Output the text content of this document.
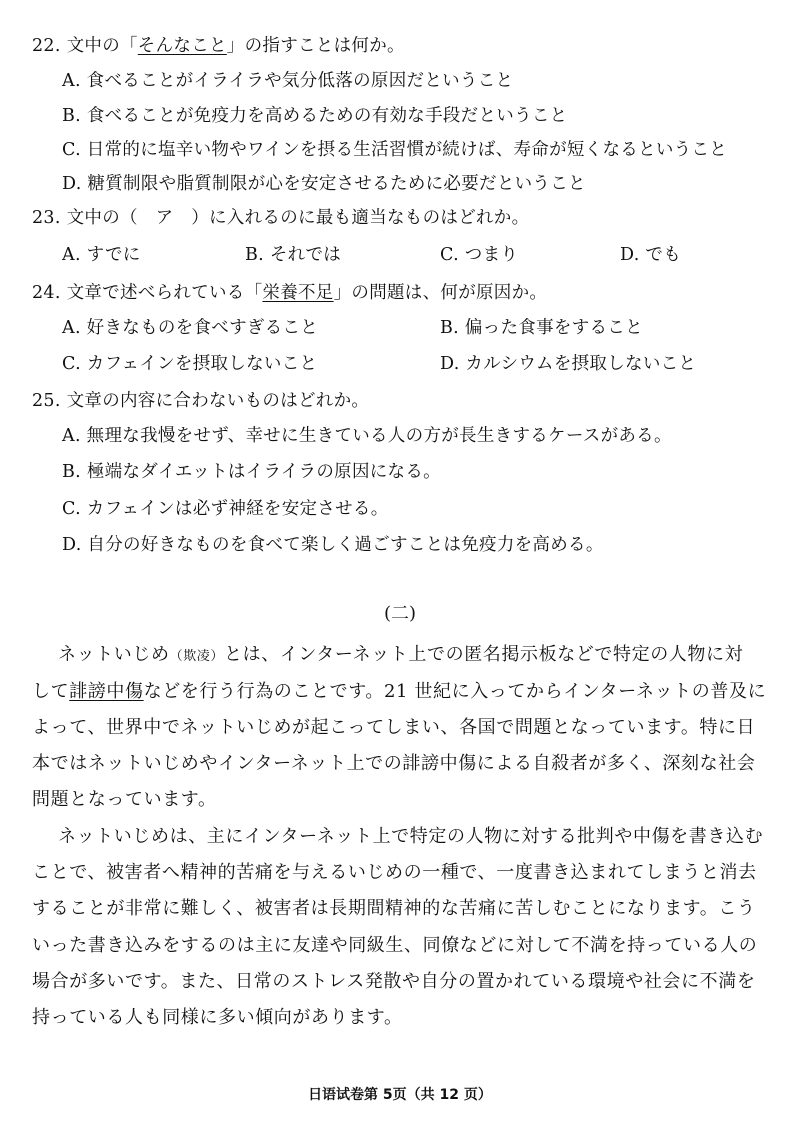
22. 文中の「そんなこと」の指すことは何か。
A. 食べることがイライラや気分低落の原因だということ
B. 食べることが免疫力を高めるための有効な手段だということ
C. 日常的に塩辛い物やワインを摂る生活習慣が続けば、寿命が短くなるということ
D. 糖質制限や脂質制限が心を安定させるために必要だということ
23. 文中の（　ア　）に入れるのに最も適当なものはどれか。
A. すでに	B. それでは	C. つまり	D. でも
24. 文章で述べられている「栄養不足」の問題は、何が原因か。
A. 好きなものを食べすぎること	B. 偏った食事をすること
C. カフェインを摂取しないこと	D. カルシウムを摂取しないこと
25. 文章の内容に合わないものはどれか。
A. 無理な我慢をせず、幸せに生きている人の方が長生きするケースがある。
B. 極端なダイエットはイライラの原因になる。
C. カフェインは必ず神経を安定させる。
D. 自分の好きなものを食べて楽しく過ごすことは免疫力を高める。
(二)
ネットいじめ（欺凌）とは、インターネット上での匿名掲示板などで特定の人物に対
して誹謗中傷などを行う行為のことです。21 世紀に入ってからインターネットの普及に
よって、世界中でネットいじめが起こってしまい、各国で問題となっています。特に日
本ではネットいじめやインターネット上での誹謗中傷による自殺者が多く、深刻な社会
問題となっています。
ネットいじめは、主にインターネット上で特定の人物に対する批判や中傷を書き込む
ことで、被害者へ精神的苦痛を与えるいじめの一種で、一度書き込まれてしまうと消去
することが非常に難しく、被害者は長期間精神的な苦痛に苦しむことになります。こう
いった書き込みをするのは主に友達や同級生、同僚などに対して不満を持っている人の
場合が多いです。また、日常のストレス発散や自分の置かれている環境や社会に不満を
持っている人も同様に多い傾向があります。
日语试卷第 5页（共 12 页）
